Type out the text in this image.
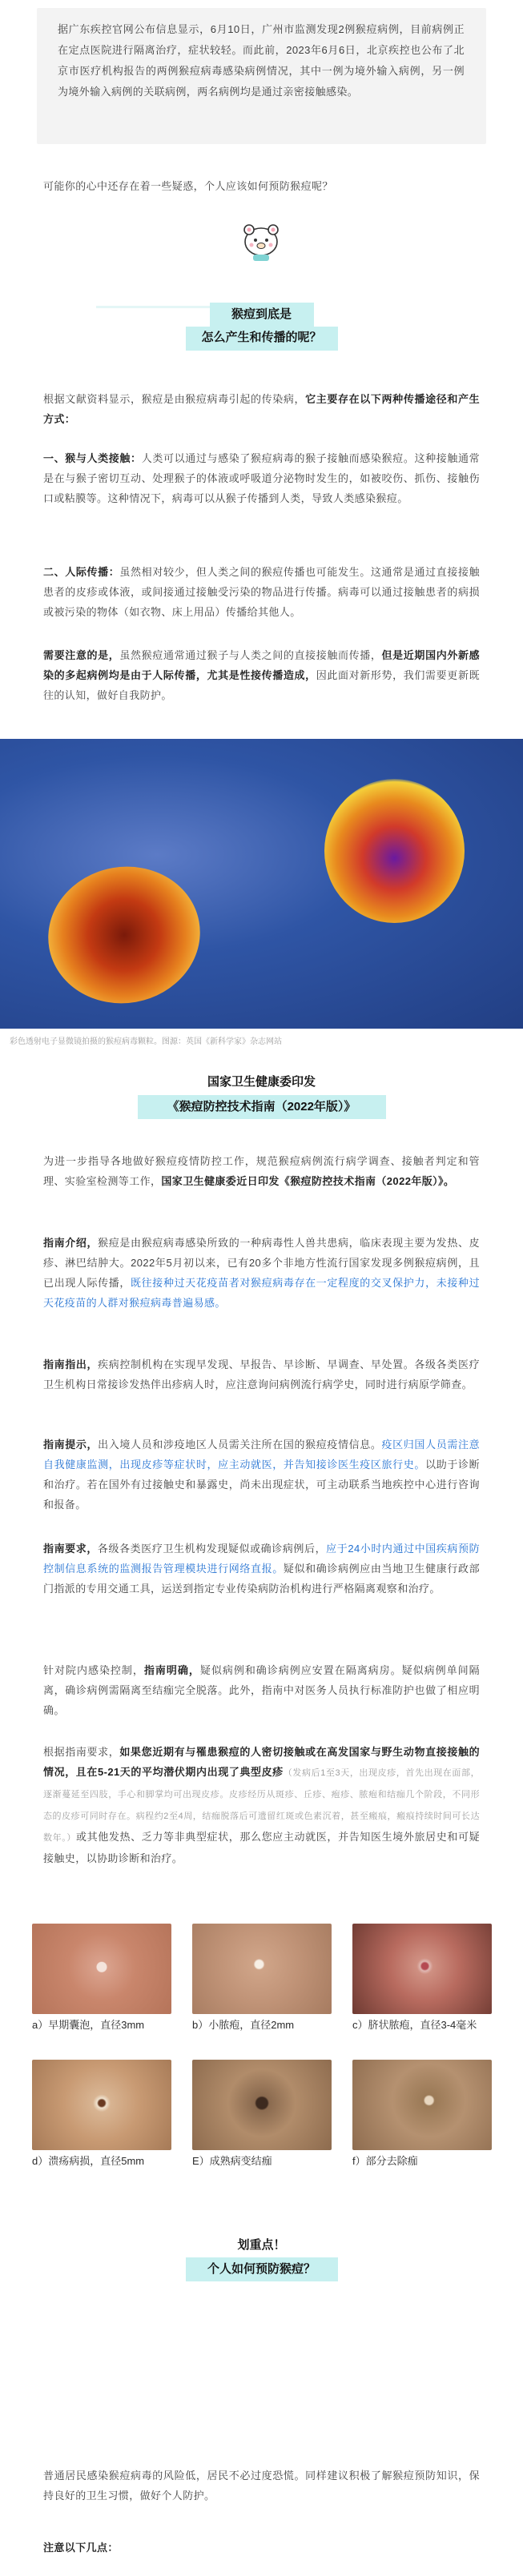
据广东疾控官网公布信息显示，6月10日，广州市监测发现2例猴痘病例，目前病例正在定点医院进行隔离治疗，症状较轻。而此前，2023年6月6日，北京疾控也公布了北京市医疗机构报告的两例猴痘病毒感染病例情况，其中一例为境外输入病例，另一例为境外输入病例的关联病例，两名病例均是通过亲密接触感染。

可能你的心中还存在着一些疑惑，个人应该如何预防猴痘呢？

猴痘到底是
怎么产生和传播的呢？

根据文献资料显示，猴痘是由猴痘病毒引起的传染病，它主要存在以下两种传播途径和产生方式：

一、猴与人类接触：人类可以通过与感染了猴痘病毒的猴子接触而感染猴痘。这种接触通常是在与猴子密切互动、处理猴子的体液或呼吸道分泌物时发生的，如被咬伤、抓伤、接触伤口或粘膜等。这种情况下，病毒可以从猴子传播到人类，导致人类感染猴痘。

二、人际传播：虽然相对较少，但人类之间的猴痘传播也可能发生。这通常是通过直接接触患者的皮疹或体液，或间接通过接触受污染的物品进行传播。病毒可以通过接触患者的病损或被污染的物体（如衣物、床上用品）传播给其他人。

需要注意的是，虽然猴痘通常通过猴子与人类之间的直接接触而传播，但是近期国内外新感染的多起病例均是由于人际传播，尤其是性接传播造成，因此面对新形势，我们需要更新既往的认知，做好自我防护。

彩色透射电子显微镜拍摄的猴痘病毒颗粒。图源：英国《新科学家》杂志网站
国家卫生健康委印发
《猴痘防控技术指南（2022年版）》

为进一步指导各地做好猴痘疫情防控工作，规范猴痘病例流行病学调查、接触者判定和管理、实验室检测等工作，国家卫生健康委近日印发《猴痘防控技术指南（2022年版）》。

指南介绍，猴痘是由猴痘病毒感染所致的一种病毒性人兽共患病，临床表现主要为发热、皮疹、淋巴结肿大。2022年5月初以来，已有20多个非地方性流行国家发现多例猴痘病例，且已出现人际传播，既往接种过天花疫苗者对猴痘病毒存在一定程度的交叉保护力，未接种过天花疫苗的人群对猴痘病毒普遍易感。

指南指出，疾病控制机构在实现早发现、早报告、早诊断、早调查、早处置。各级各类医疗卫生机构日常接诊发热伴出疹病人时，应注意询问病例流行病学史，同时进行病原学筛查。

指南提示，出入境人员和涉疫地区人员需关注所在国的猴痘疫情信息。疫区归国人员需注意自我健康监测，出现皮疹等症状时，应主动就医，并告知接诊医生疫区旅行史。以助于诊断和治疗。若在国外有过接触史和暴露史，尚未出现症状，可主动联系当地疾控中心进行咨询和报备。

指南要求，各级各类医疗卫生机构发现疑似或确诊病例后，应于24小时内通过中国疾病预防控制信息系统的监测报告管理模块进行网络直报。疑似和确诊病例应由当地卫生健康行政部门指派的专用交通工具，运送到指定专业传染病防治机构进行严格隔离观察和治疗。

针对院内感染控制，指南明确，疑似病例和确诊病例应安置在隔离病房。疑似病例单间隔离，确诊病例需隔离至结痂完全脱落。此外，指南中对医务人员执行标准防护也做了相应明确。

根据指南要求，如果您近期有与罹患猴痘的人密切接触或在高发国家与野生动物直接接触的情况，且在5-21天的平均潜伏期内出现了典型皮疹（发病后1至3天，出现皮疹，首先出现在面部，逐渐蔓延至四肢，手心和脚掌均可出现皮疹。皮疹经历从斑疹、丘疹、疱疹、脓疱和结痂几个阶段，不同形态的皮疹可同时存在。病程约2至4周，结痂脱落后可遗留红斑或色素沉着，甚至瘢痕，瘢痕持续时间可长达数年。）或其他发热、乏力等非典型症状，那么您应主动就医，并告知医生境外旅居史和可疑接触史，以协助诊断和治疗。

a）早期囊泡，直径3mm	b）小脓疱，直径2mm	c）脐状脓疱，直径3-4毫米
d）溃疡病损，直径5mm	E）成熟病变结痂	f）部分去除痂
划重点！
个人如何预防猴痘？

普通居民感染猴痘病毒的风险低，居民不必过度恐慌。同样建议积极了解猴痘预防知识，保持良好的卫生习惯，做好个人防护。

注意以下几点：
